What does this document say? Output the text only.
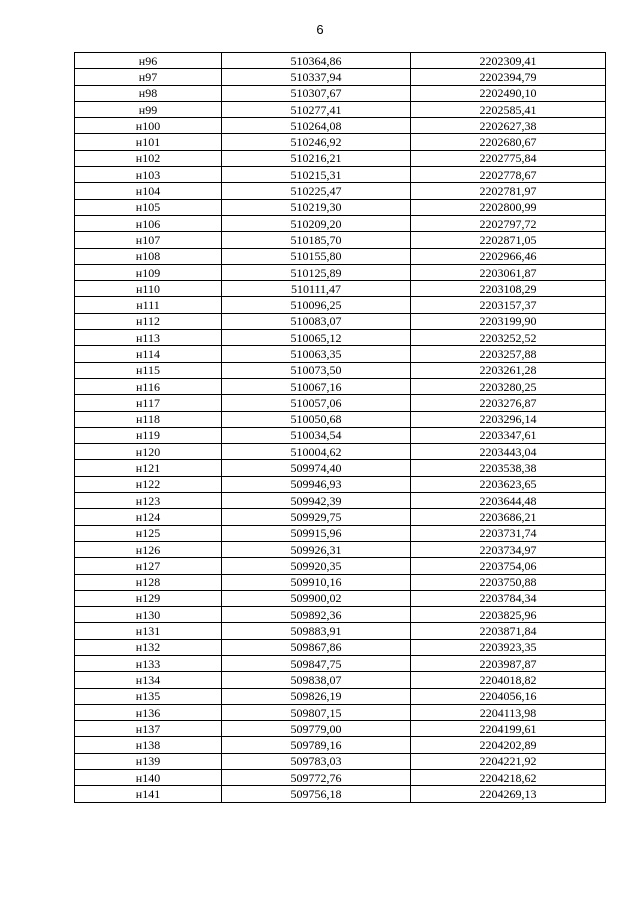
6
н96	510364,86	2202309,41
н97	510337,94	2202394,79
н98	510307,67	2202490,10
н99	510277,41	2202585,41
н100	510264,08	2202627,38
н101	510246,92	2202680,67
н102	510216,21	2202775,84
н103	510215,31	2202778,67
н104	510225,47	2202781,97
н105	510219,30	2202800,99
н106	510209,20	2202797,72
н107	510185,70	2202871,05
н108	510155,80	2202966,46
н109	510125,89	2203061,87
н110	510111,47	2203108,29
н111	510096,25	2203157,37
н112	510083,07	2203199,90
н113	510065,12	2203252,52
н114	510063,35	2203257,88
н115	510073,50	2203261,28
н116	510067,16	2203280,25
н117	510057,06	2203276,87
н118	510050,68	2203296,14
н119	510034,54	2203347,61
н120	510004,62	2203443,04
н121	509974,40	2203538,38
н122	509946,93	2203623,65
н123	509942,39	2203644,48
н124	509929,75	2203686,21
н125	509915,96	2203731,74
н126	509926,31	2203734,97
н127	509920,35	2203754,06
н128	509910,16	2203750,88
н129	509900,02	2203784,34
н130	509892,36	2203825,96
н131	509883,91	2203871,84
н132	509867,86	2203923,35
н133	509847,75	2203987,87
н134	509838,07	2204018,82
н135	509826,19	2204056,16
н136	509807,15	2204113,98
н137	509779,00	2204199,61
н138	509789,16	2204202,89
н139	509783,03	2204221,92
н140	509772,76	2204218,62
н141	509756,18	2204269,13
